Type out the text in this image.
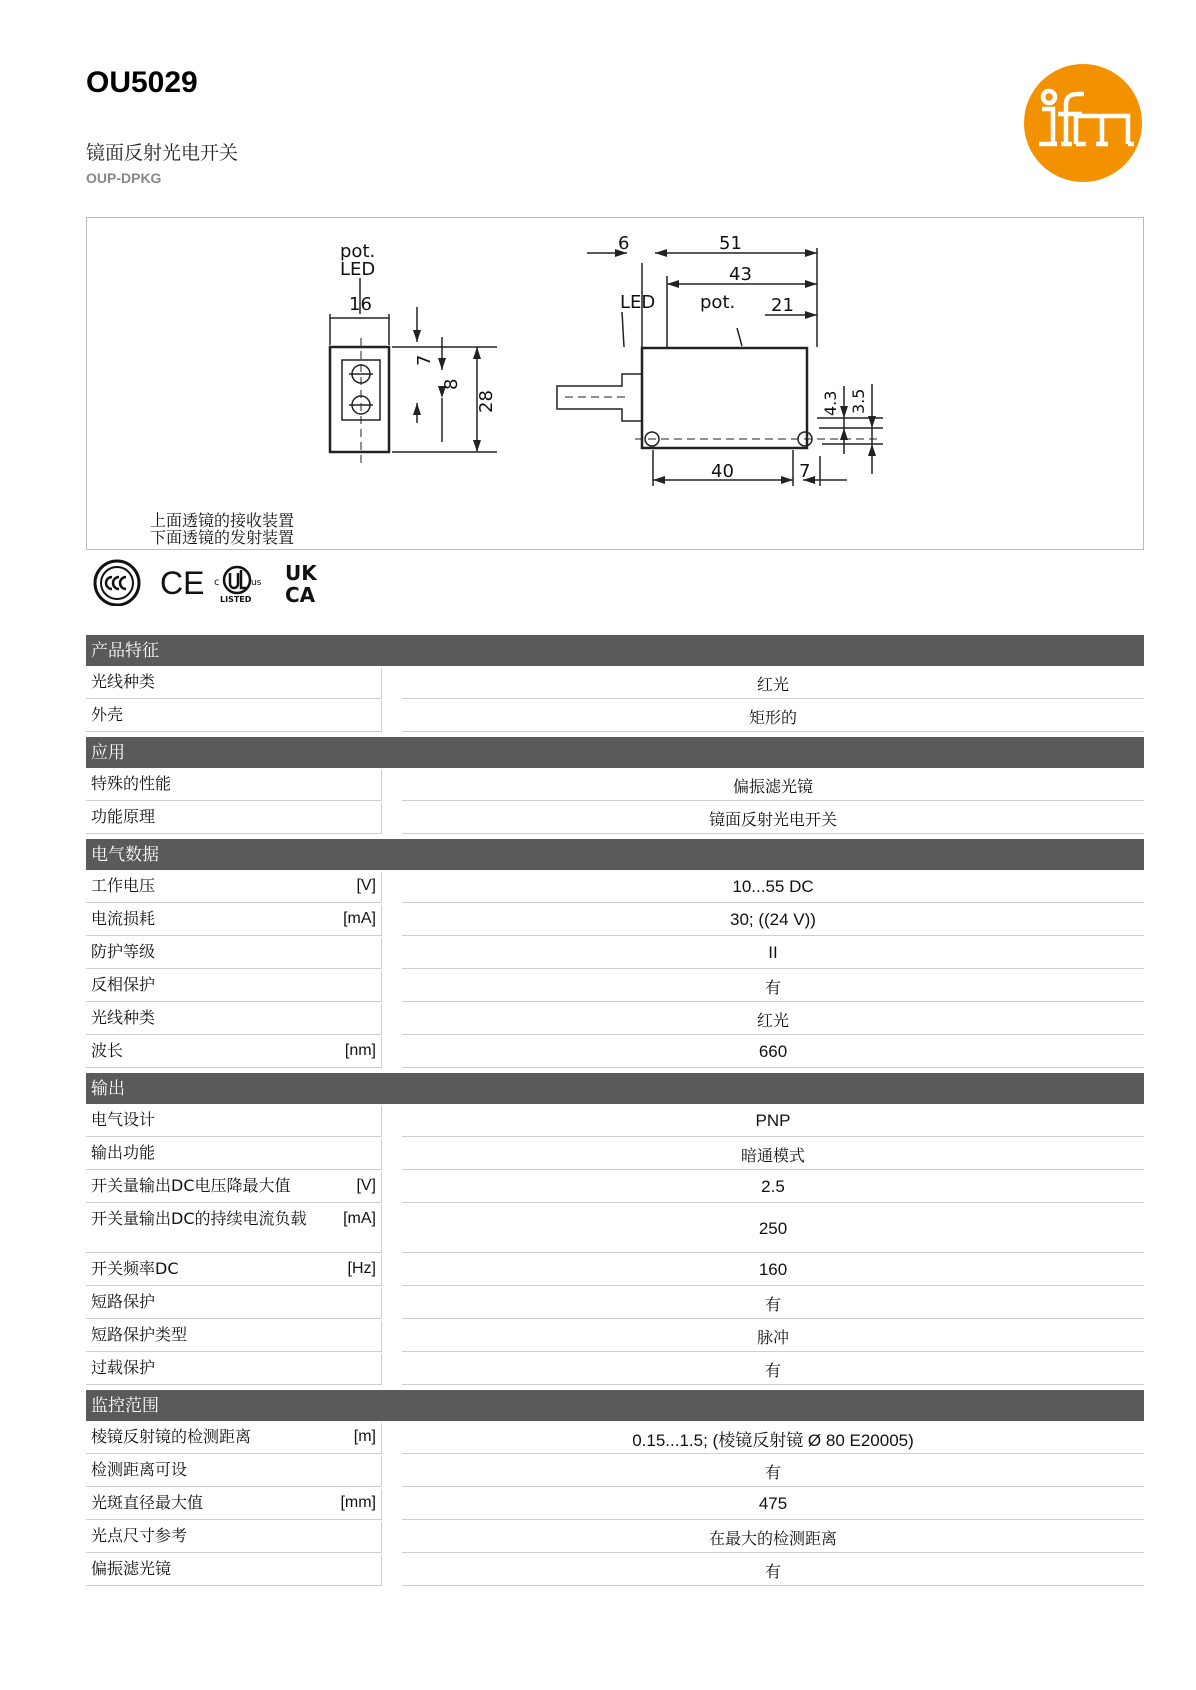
OU5029
镜面反射光电开关
OUP-DPKG	ifm
pot.
LED
16
7
8
28
6	51
43
LED pot. 21
40	7
4.3 3.5
上面透镜的接收装置
下面透镜的发射装置
CE c	us
LISTED
UK
CA
产品特征
光线种类	红光
外壳	矩形的
应用
特殊的性能	偏振滤光镜
功能原理	镜面反射光电开关
电气数据
工作电压	[V]	10...55 DC
电流损耗	[mA]	30; ((24 V))
防护等级	II
反相保护	有
光线种类	红光
波长	[nm]	660
输出
电气设计	PNP
输出功能	暗通模式
开关量输出DC电压降最大值	[V]	2.5
开关量输出DC的持续电流负载 [mA]	250
开关频率DC	[Hz]	160
短路保护	有
短路保护类型	脉冲
过载保护	有
监控范围
棱镜反射镜的检测距离	[m]	0.15...1.5; (棱镜反射镜 Ø 80 E20005)
检测距离可设	有
光斑直径最大值	[mm]	475
光点尺寸参考	在最大的检测距离
偏振滤光镜	有
